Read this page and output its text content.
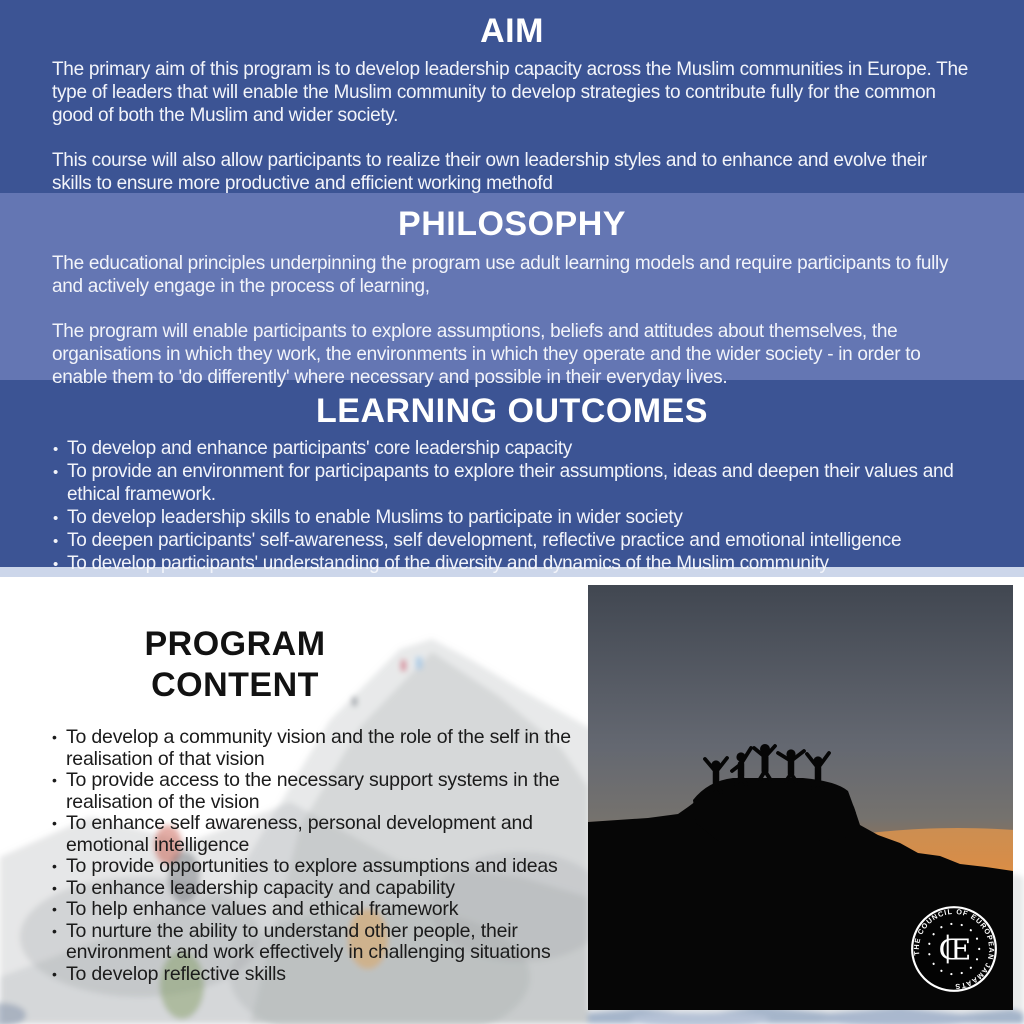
AIM

The primary aim of this program is to develop leadership capacity across the Muslim communities in Europe. The type of leaders that will enable the Muslim community to develop strategies to contribute fully for the common good of both the Muslim and wider society.

This course will also allow participants to realize their own leadership styles and to enhance and evolve their skills to ensure more productive and efficient working methofd

PHILOSOPHY

The educational principles underpinning the program use adult learning models and require participants to fully and actively engage in the process of learning,

The program will enable participants to explore assumptions, beliefs and attitudes about themselves, the organisations in which they work, the environments in which they operate and the wider society - in order to enable them to 'do differently' where necessary and possible in their everyday lives.

LEARNING OUTCOMES
• To develop and enhance participants' core leadership capacity
• To provide an environment for participapants to explore their assumptions, ideas and deepen their values and ethical framework.
• To develop leadership skills to enable Muslims to participate in wider society
• To deepen participants' self-awareness, self development, reflective practice and emotional intelligence
• To develop participants' understanding of the diversity and dynamics of the Muslim community
PROGRAM
CONTENT
• To develop a community vision and the role of the self in the realisation of that vision
• To provide access to the necessary support systems in the realisation of the vision
• To enhance self awareness, personal development and emotional intelligence
• To provide opportunities to explore assumptions and ideas
• To enhance leadership capacity and capability
• To help enhance values and ethical framework
• To nurture the ability to understand other people, their environment and work effectively in challenging situations
• To develop reflective skills
THE COUNCIL OF EUROPEAN JAMAATS
Œ
